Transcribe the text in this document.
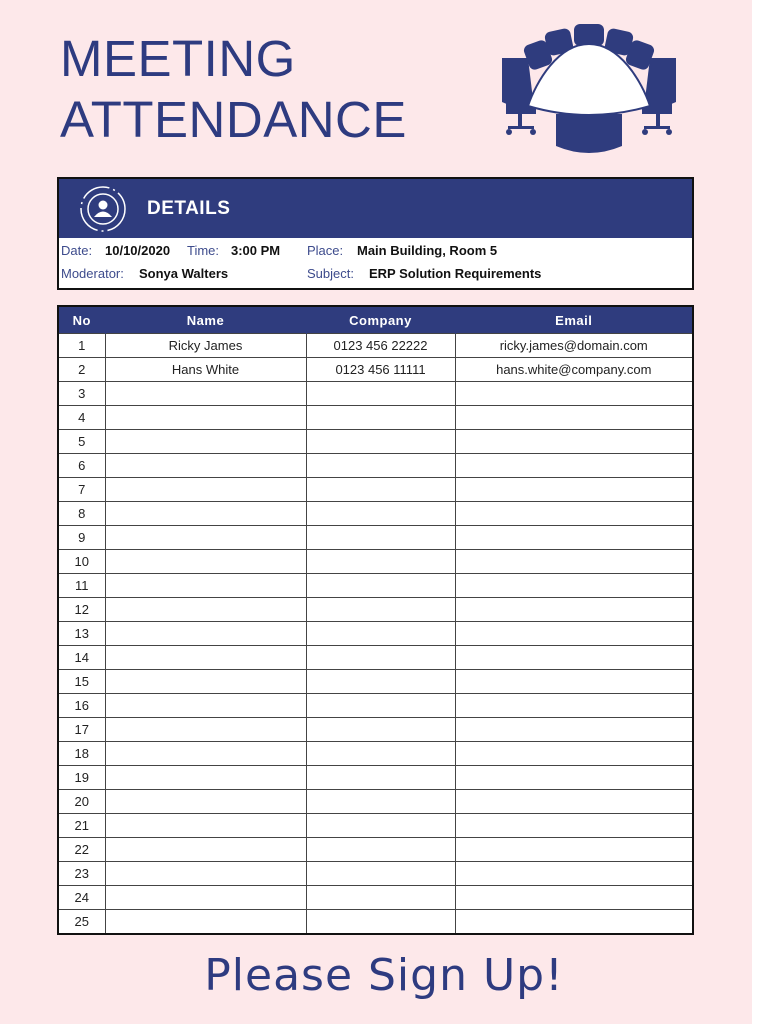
MEETING
ATTENDANCE
DETAILS
Date: 10/10/2020 Time: 3:00 PM Place: Main Building, Room 5
Moderator: Sonya Walters	Subject: ERP Solution Requirements
No	Name	Company	Email
1	Ricky James	0123 456 22222	ricky.james@domain.com
2	Hans White	0123 456 11111	hans.white@company.com
3			
4			
5			
6			
7			
8			
9			
10			
11			
12			
13			
14			
15			
16			
17			
18			
19			
20			
21			
22			
23			
24			
25			
Please Sign Up!
